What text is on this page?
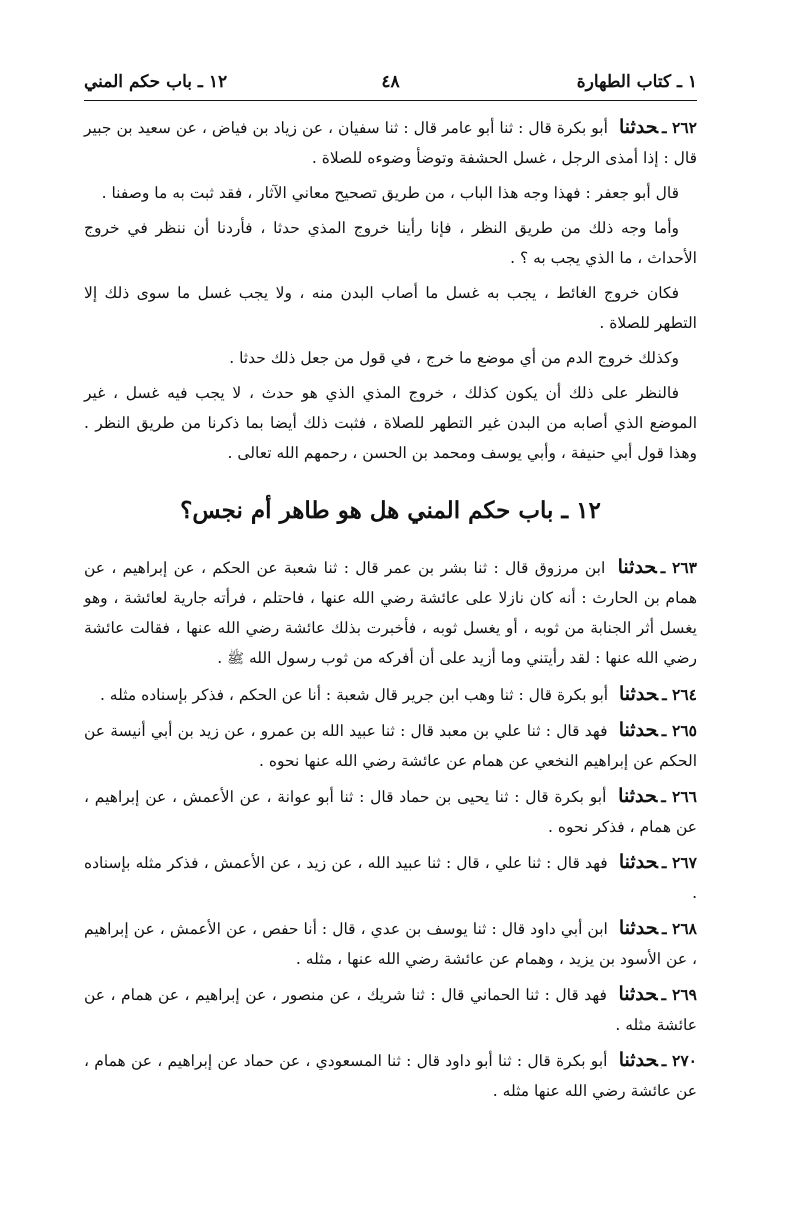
١ ـ كتاب الطهارة
٤٨
١٢ ـ باب حكم المني

٢٦٢ ـحدثنا أبو بكرة قال : ثنا أبو عامر قال : ثنا سفيان ، عن زياد بن فياض ، عن سعيد بن جبير قال : إذا أمذى الرجل ، غسل الحشفة وتوضأ وضوءه للصلاة .

قال أبو جعفر : فهذا وجه هذا الباب ، من طريق تصحيح معاني الآثار ، فقد ثبت به ما وصفنا .

وأما وجه ذلك من طريق النظر ، فإنا رأينا خروج المذي حدثا ، فأردنا أن ننظر في خروج الأحداث ، ما الذي يجب به ؟ .

فكان خروج الغائط ، يجب به غسل ما أصاب البدن منه ، ولا يجب غسل ما سوى ذلك إلا التطهر للصلاة .

وكذلك خروج الدم من أي موضع ما خرج ، في قول من جعل ذلك حدثا .

فالنظر على ذلك أن يكون كذلك ، خروج المذي الذي هو حدث ، لا يجب فيه غسل ، غير الموضع الذي أصابه من البدن غير التطهر للصلاة ، فثبت ذلك أيضا بما ذكرنا من طريق النظر . وهذا قول أبي حنيفة ، وأبي يوسف ومحمد بن الحسن ، رحمهم الله تعالى .

١٢ ـ باب حكم المني هل هو طاهر أم نجس؟

٢٦٣ ـحدثنا ابن مرزوق قال : ثنا بشر بن عمر قال : ثنا شعبة عن الحكم ، عن إبراهيم ، عن همام بن الحارث : أنه كان نازلا على عائشة رضي الله عنها ، فاحتلم ، فرأته جارية لعائشة ، وهو يغسل أثر الجنابة من ثوبه ، أو يغسل ثوبه ، فأخبرت بذلك عائشة رضي الله عنها ، فقالت عائشة رضي الله عنها : لقد رأيتني وما أزيد على أن أفركه من ثوب رسول الله ﷺ .

٢٦٤ ـحدثنا أبو بكرة قال : ثنا وهب ابن جرير قال شعبة : أنا عن الحكم ، فذكر بإسناده مثله .

٢٦٥ ـحدثنا فهد قال : ثنا علي بن معبد قال : ثنا عبيد الله بن عمرو ، عن زيد بن أبي أنيسة عن الحكم عن إبراهيم النخعي عن همام عن عائشة رضي الله عنها نحوه .

٢٦٦ ـحدثنا أبو بكرة قال : ثنا يحيى بن حماد قال : ثنا أبو عوانة ، عن الأعمش ، عن إبراهيم ، عن همام ، فذكر نحوه .

٢٦٧ ـحدثنا فهد قال : ثنا علي ، قال : ثنا عبيد الله ، عن زيد ، عن الأعمش ، فذكر مثله بإسناده .

٢٦٨ ـحدثنا ابن أبي داود قال : ثنا يوسف بن عدي ، قال : أنا حفص ، عن الأعمش ، عن إبراهيم ، عن الأسود بن يزيد ، وهمام عن عائشة رضي الله عنها ، مثله .

٢٦٩ ـحدثنا فهد قال : ثنا الحماني قال : ثنا شريك ، عن منصور ، عن إبراهيم ، عن همام ، عن عائشة مثله .

٢٧٠ ـحدثنا أبو بكرة قال : ثنا أبو داود قال : ثنا المسعودي ، عن حماد عن إبراهيم ، عن همام ، عن عائشة رضي الله عنها مثله .
